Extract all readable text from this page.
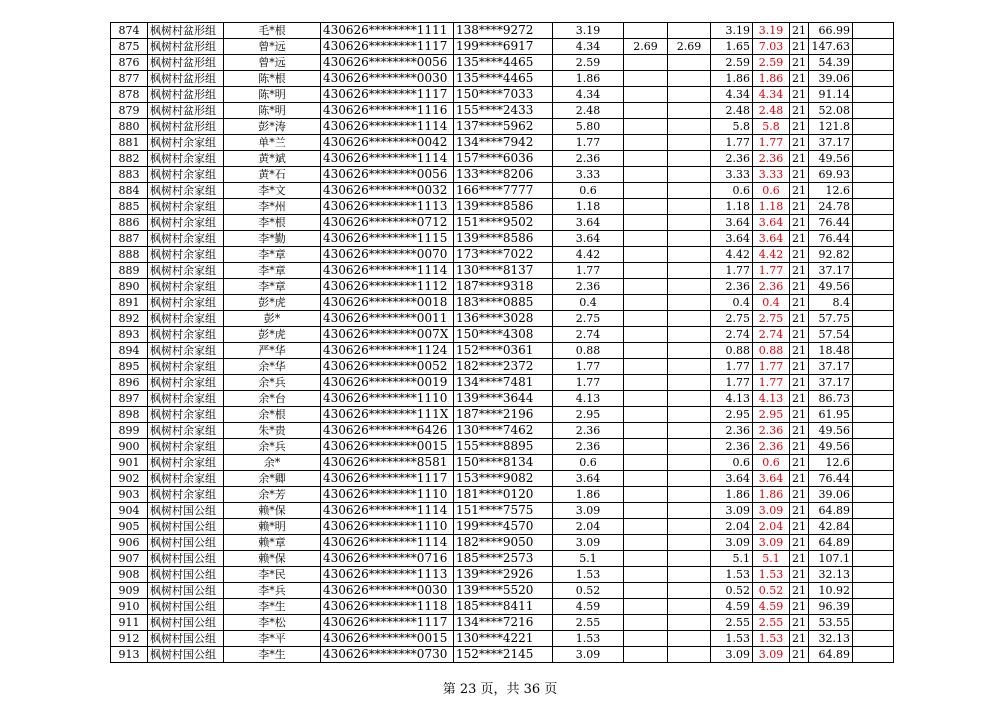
874	枫树村盆形组	毛*根	430626********1111	138****9272	3.19			3.19	3.19	21	66.99	
875	枫树村盆形组	曾*远	430626********1117	199****6917	4.34	2.69	2.69	1.65	7.03	21	147.63	
876	枫树村盆形组	曾*远	430626********0056	135****4465	2.59			2.59	2.59	21	54.39	
877	枫树村盆形组	陈*根	430626********0030	135****4465	1.86			1.86	1.86	21	39.06	
878	枫树村盆形组	陈*明	430626********1117	150****7033	4.34			4.34	4.34	21	91.14	
879	枫树村盆形组	陈*明	430626********1116	155****2433	2.48			2.48	2.48	21	52.08	
880	枫树村盆形组	彭*涛	430626********1114	137****5962	5.80			5.8	5.8	21	121.8	
881	枫树村余家组	单*兰	430626********0042	134****7942	1.77			1.77	1.77	21	37.17	
882	枫树村余家组	黄*斌	430626********1114	157****6036	2.36			2.36	2.36	21	49.56	
883	枫树村余家组	黄*石	430626********0056	133****8206	3.33			3.33	3.33	21	69.93	
884	枫树村余家组	李*文	430626********0032	166****7777	0.6			0.6	0.6	21	12.6	
885	枫树村余家组	李*州	430626********1113	139****8586	1.18			1.18	1.18	21	24.78	
886	枫树村余家组	李*根	430626********0712	151****9502	3.64			3.64	3.64	21	76.44	
887	枫树村余家组	李*勤	430626********1115	139****8586	3.64			3.64	3.64	21	76.44	
888	枫树村余家组	李*章	430626********0070	173****7022	4.42			4.42	4.42	21	92.82	
889	枫树村余家组	李*章	430626********1114	130****8137	1.77			1.77	1.77	21	37.17	
890	枫树村余家组	李*章	430626********1112	187****9318	2.36			2.36	2.36	21	49.56	
891	枫树村余家组	彭*虎	430626********0018	183****0885	0.4			0.4	0.4	21	8.4	
892	枫树村余家组	彭*	430626********0011	136****3028	2.75			2.75	2.75	21	57.75	
893	枫树村余家组	彭*虎	430626********007X	150****4308	2.74			2.74	2.74	21	57.54	
894	枫树村余家组	严*华	430626********1124	152****0361	0.88			0.88	0.88	21	18.48	
895	枫树村余家组	余*华	430626********0052	182****2372	1.77			1.77	1.77	21	37.17	
896	枫树村余家组	余*兵	430626********0019	134****7481	1.77			1.77	1.77	21	37.17	
897	枫树村余家组	余*台	430626********1110	139****3644	4.13			4.13	4.13	21	86.73	
898	枫树村余家组	余*根	430626********111X	187****2196	2.95			2.95	2.95	21	61.95	
899	枫树村余家组	朱*贵	430626********6426	130****7462	2.36			2.36	2.36	21	49.56	
900	枫树村余家组	余*兵	430626********0015	155****8895	2.36			2.36	2.36	21	49.56	
901	枫树村余家组	余*	430626********8581	150****8134	0.6			0.6	0.6	21	12.6	
902	枫树村余家组	余*卿	430626********1117	153****9082	3.64			3.64	3.64	21	76.44	
903	枫树村余家组	余*芳	430626********1110	181****0120	1.86			1.86	1.86	21	39.06	
904	枫树村国公组	赖*保	430626********1114	151****7575	3.09			3.09	3.09	21	64.89	
905	枫树村国公组	赖*明	430626********1110	199****4570	2.04			2.04	2.04	21	42.84	
906	枫树村国公组	赖*章	430626********1114	182****9050	3.09			3.09	3.09	21	64.89	
907	枫树村国公组	赖*保	430626********0716	185****2573	5.1			5.1	5.1	21	107.1	
908	枫树村国公组	李*民	430626********1113	139****2926	1.53			1.53	1.53	21	32.13	
909	枫树村国公组	李*兵	430626********0030	139****5520	0.52			0.52	0.52	21	10.92	
910	枫树村国公组	李*生	430626********1118	185****8411	4.59			4.59	4.59	21	96.39	
911	枫树村国公组	李*松	430626********1117	134****7216	2.55			2.55	2.55	21	53.55	
912	枫树村国公组	李*平	430626********0015	130****4221	1.53			1.53	1.53	21	32.13	
913	枫树村国公组	李*生	430626********0730	152****2145	3.09			3.09	3.09	21	64.89	
第 23 页，共 36 页
